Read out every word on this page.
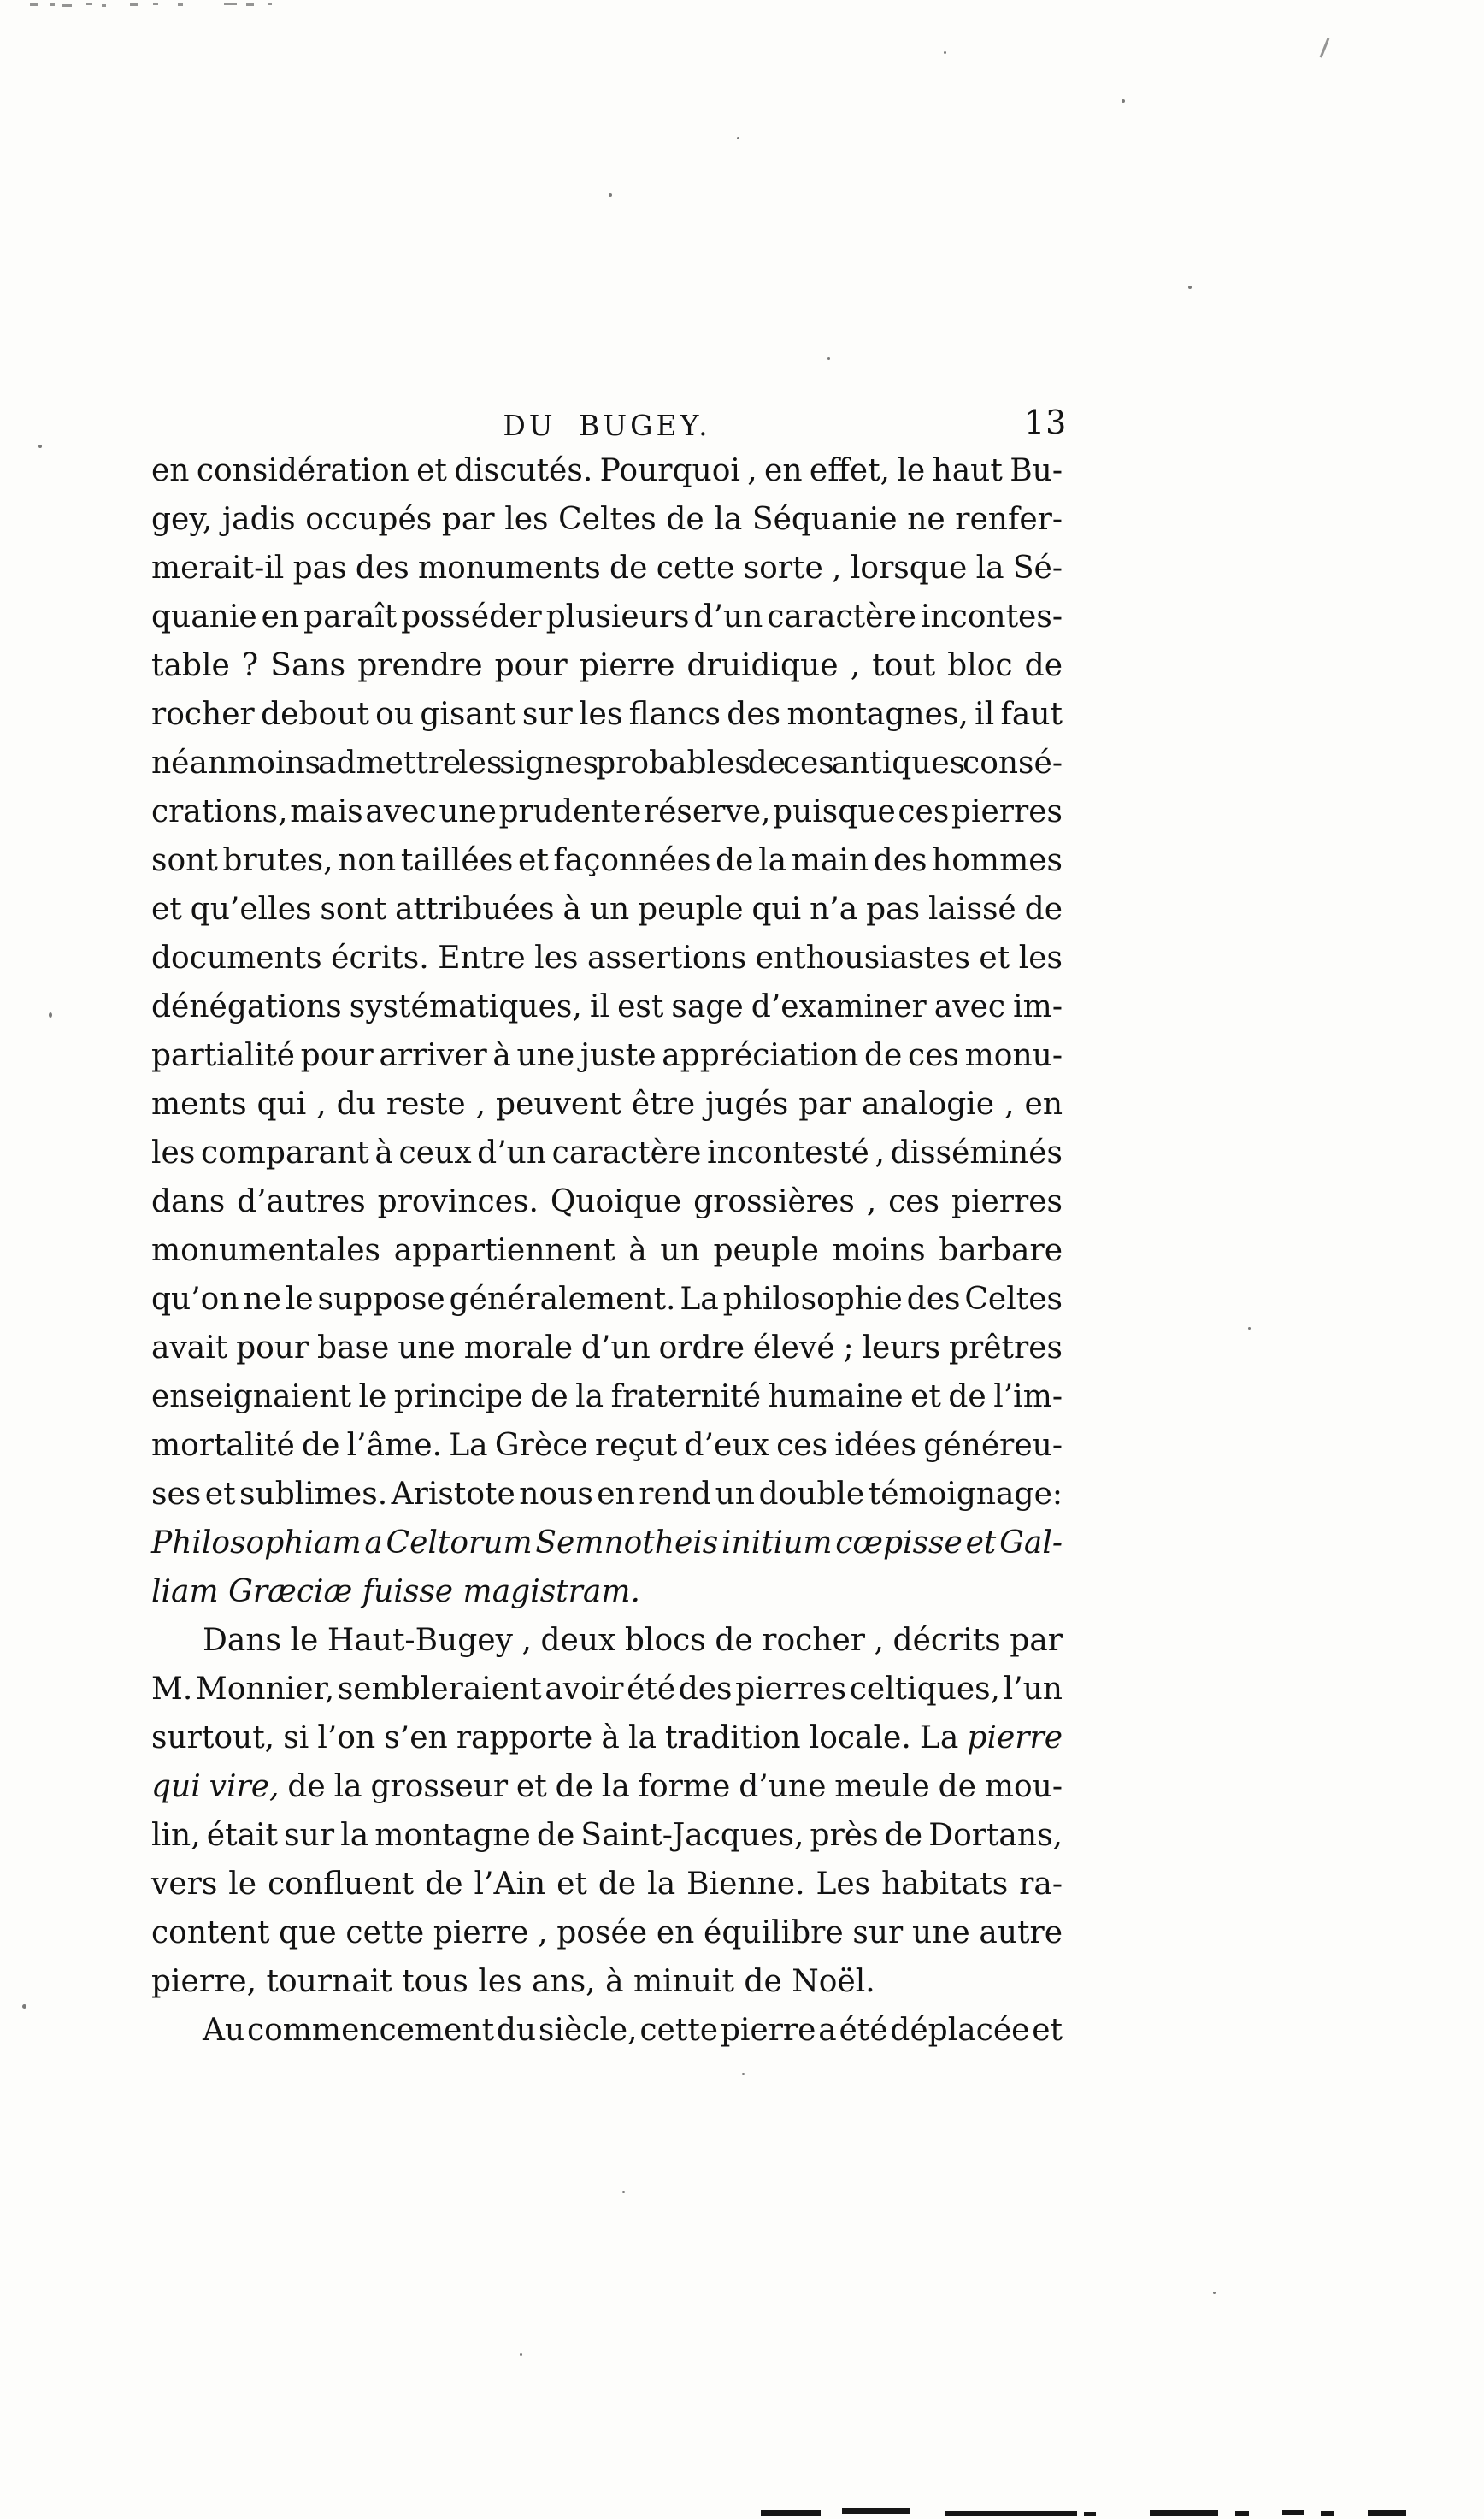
DU BUGEY.	13
en considération et discutés. Pourquoi , en effet, le haut Bu-
gey, jadis occupés par les Celtes de la Séquanie ne renfer-
merait-il pas des monuments de cette sorte , lorsque la Sé-
quanie en paraît posséder plusieurs d’un caractère incontes-
table ? Sans prendre pour pierre druidique , tout bloc de
rocher debout ou gisant sur les flancs des montagnes, il faut
néanmoins admettre les signes probables de ces antiques consé-
crations, mais avec une prudente réserve, puisque ces pierres
sont brutes, non taillées et façonnées de la main des hommes
et qu’elles sont attribuées à un peuple qui n’a pas laissé de
documents écrits. Entre les assertions enthousiastes et les
dénégations systématiques, il est sage d’examiner avec im-
partialité pour arriver à une juste appréciation de ces monu-
ments qui , du reste , peuvent être jugés par analogie , en
les comparant à ceux d’un caractère incontesté , disséminés
dans d’autres provinces. Quoique grossières , ces pierres
monumentales appartiennent à un peuple moins barbare
qu’on ne le suppose généralement. La philosophie des Celtes
avait pour base une morale d’un ordre élevé ; leurs prêtres
enseignaient le principe de la fraternité humaine et de l’im-
mortalité de l’âme. La Grèce reçut d’eux ces idées généreu-
ses et sublimes. Aristote nous en rend un double témoignage:
Philosophiam a Celtorum Semnotheis initium cœpisse et Gal-
liam Græciæ fuisse magistram.
Dans le Haut-Bugey , deux blocs de rocher , décrits par
M. Monnier, sembleraient avoir été des pierres celtiques, l’un
surtout, si l’on s’en rapporte à la tradition locale. La pierre
qui vire, de la grosseur et de la forme d’une meule de mou-
lin, était sur la montagne de Saint-Jacques, près de Dortans,
vers le confluent de l’Ain et de la Bienne. Les habitats ra-
content que cette pierre , posée en équilibre sur une autre
pierre, tournait tous les ans, à minuit de Noël.
Au commencement du siècle, cette pierre a été déplacée et
